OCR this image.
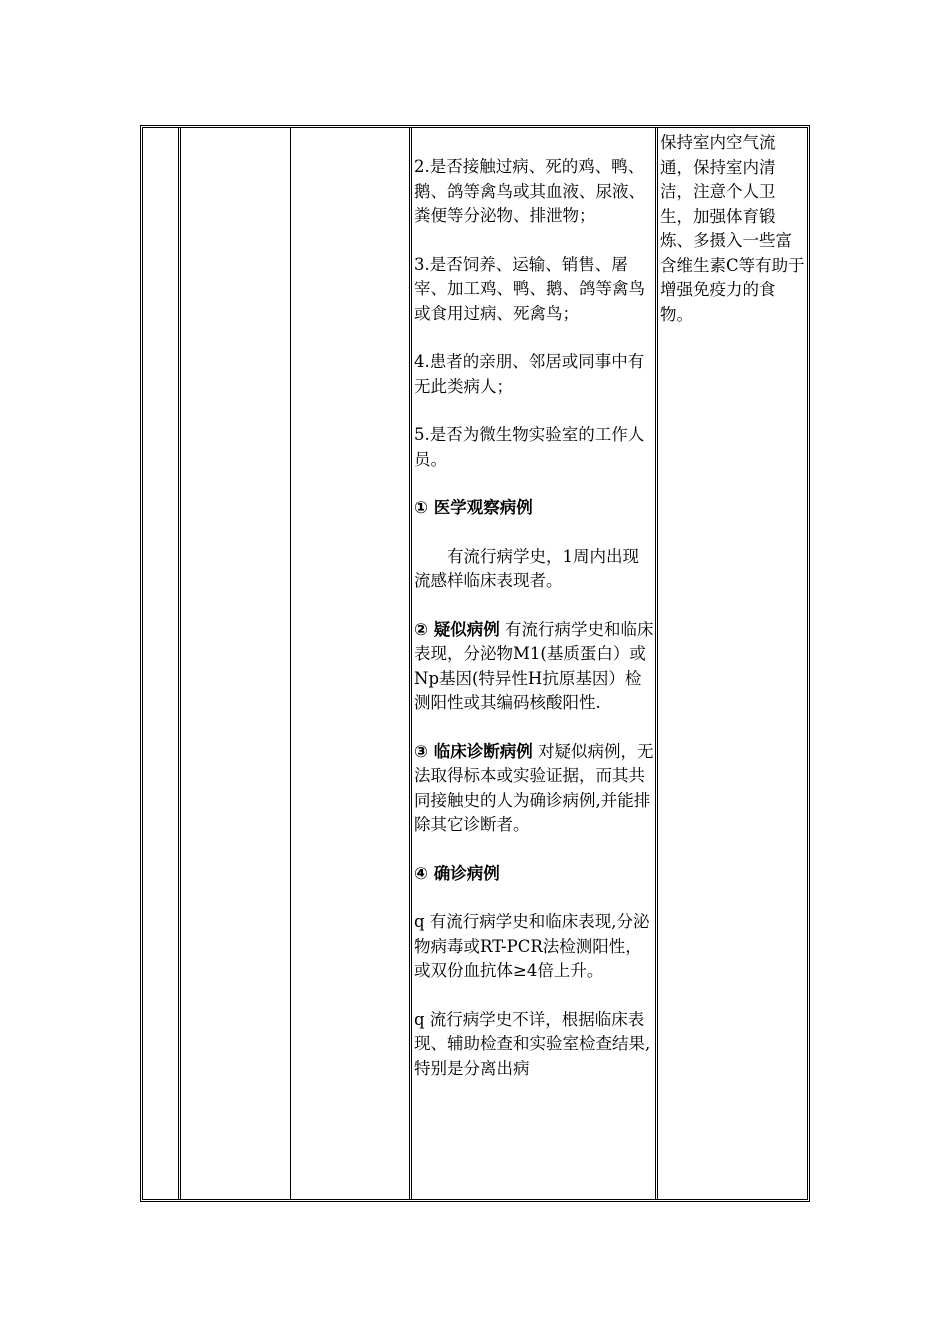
2.是否接触过病、死的鸡、鸭、鹅、鸽等禽鸟或其血液、尿液、粪便等分泌物、排泄物；

3.是否饲养、运输、销售、屠宰、加工鸡、鸭、鹅、鸽等禽鸟或食用过病、死禽鸟；

4.患者的亲朋、邻居或同事中有无此类病人；

5.是否为微生物实验室的工作人员。

① 医学观察病例

有流行病学史，1周内出现流感样临床表现者。

② 疑似病例 有流行病学史和临床表现，分泌物M1(基质蛋白）或Np基因(特异性H抗原基因）检测阳性或其编码核酸阳性.

③ 临床诊断病例 对疑似病例，无法取得标本或实验证据，而其共同接触史的人为确诊病例,并能排除其它诊断者。

④ 确诊病例

q 有流行病学史和临床表现,分泌物病毒或RT-PCR法检测阳性，或双份血抗体≥4倍上升。

q 流行病学史不详，根据临床表现、辅助检查和实验室检查结果,特别是分离出病

保持室内空气流通，保持室内清洁，注意个人卫生，加强体育锻炼、多摄入一些富含维生素C等有助于增强免疫力的食物。
